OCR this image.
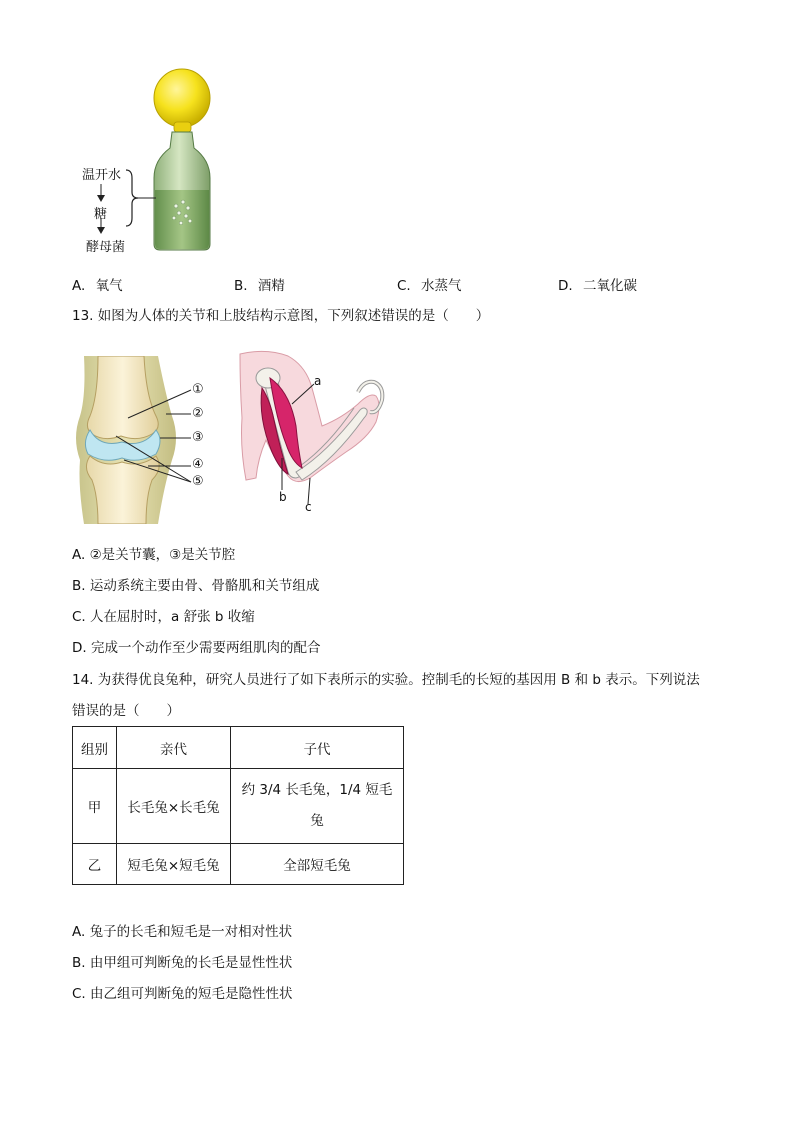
温开水
糖
酵母菌
A. 氧气	B. 酒精	C. 水蒸气	D. 二氧化碳
13. 如图为人体的关节和上肢结构示意图，下列叙述错误的是（　　）
①
②
③
④
⑤
a
b
c
A. ②是关节囊，③是关节腔
B. 运动系统主要由骨、骨骼肌和关节组成
C. 人在屈肘时，a 舒张 b 收缩
D. 完成一个动作至少需要两组肌肉的配合
14. 为获得优良兔种，研究人员进行了如下表所示的实验。控制毛的长短的基因用 B 和 b 表示。下列说法
错误的是（　　）
组别	亲代	子代
甲	长毛兔×长毛兔	约 3/4 长毛兔，1/4 短毛兔

乙	短毛兔×短毛兔	全部短毛兔
A. 兔子的长毛和短毛是一对相对性状
B. 由甲组可判断兔的长毛是显性性状
C. 由乙组可判断兔的短毛是隐性性状
